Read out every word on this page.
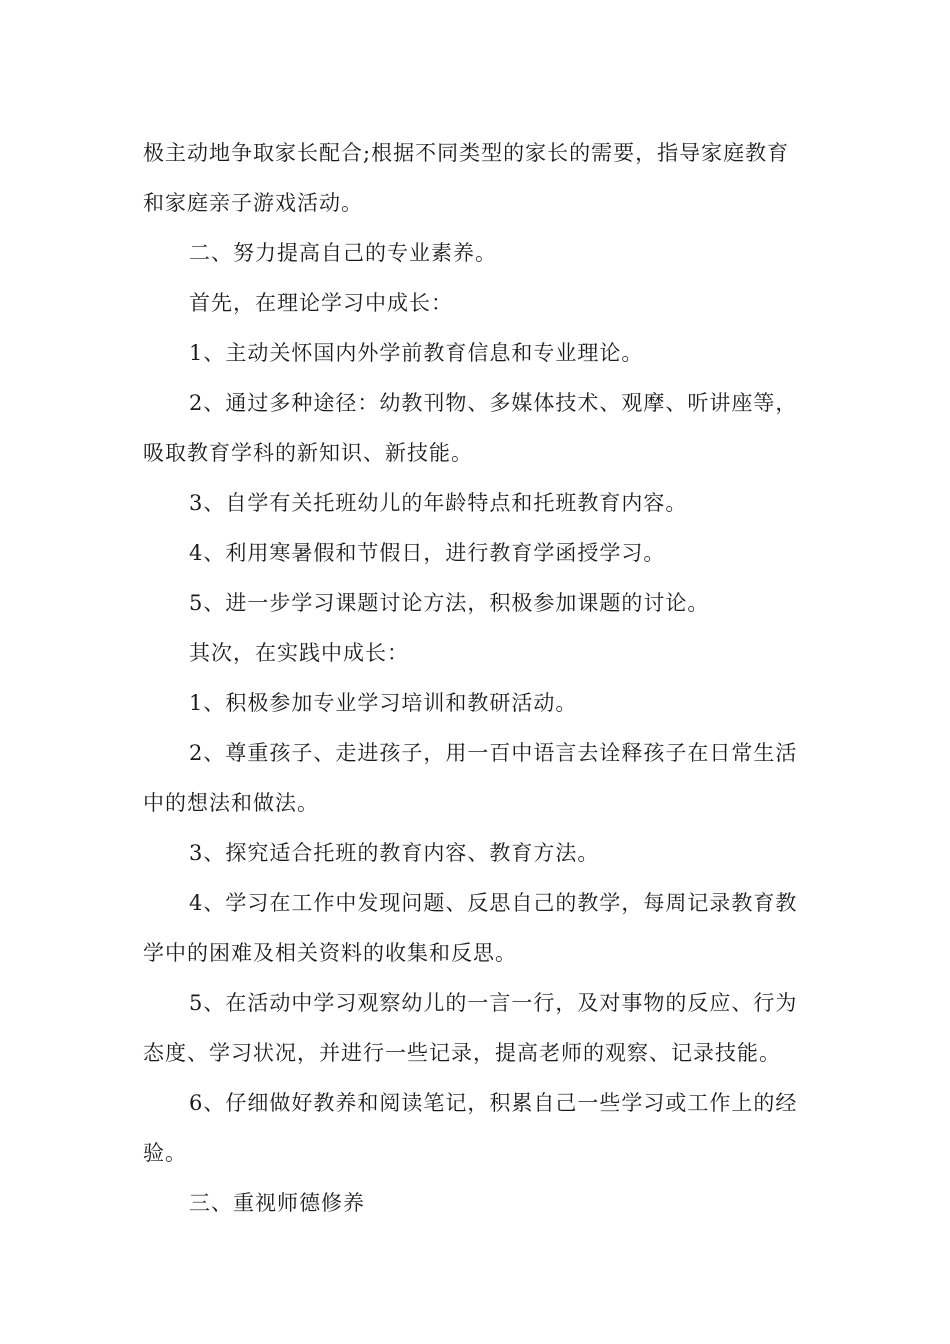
极主动地争取家长配合;根据不同类型的家长的需要，指导家庭教育
和家庭亲子游戏活动。
二、努力提高自己的专业素养。
首先，在理论学习中成长：
1、主动关怀国内外学前教育信息和专业理论。
2、通过多种途径：幼教刊物、多媒体技术、观摩、听讲座等，
吸取教育学科的新知识、新技能。
3、自学有关托班幼儿的年龄特点和托班教育内容。
4、利用寒暑假和节假日，进行教育学函授学习。
5、进一步学习课题讨论方法，积极参加课题的讨论。
其次，在实践中成长：
1、积极参加专业学习培训和教研活动。
2、尊重孩子、走进孩子，用一百中语言去诠释孩子在日常生活
中的想法和做法。
3、探究适合托班的教育内容、教育方法。
4、学习在工作中发现问题、反思自己的教学，每周记录教育教
学中的困难及相关资料的收集和反思。
5、在活动中学习观察幼儿的一言一行，及对事物的反应、行为
态度、学习状况，并进行一些记录，提高老师的观察、记录技能。
6、仔细做好教养和阅读笔记，积累自己一些学习或工作上的经
验。
三、重视师德修养
